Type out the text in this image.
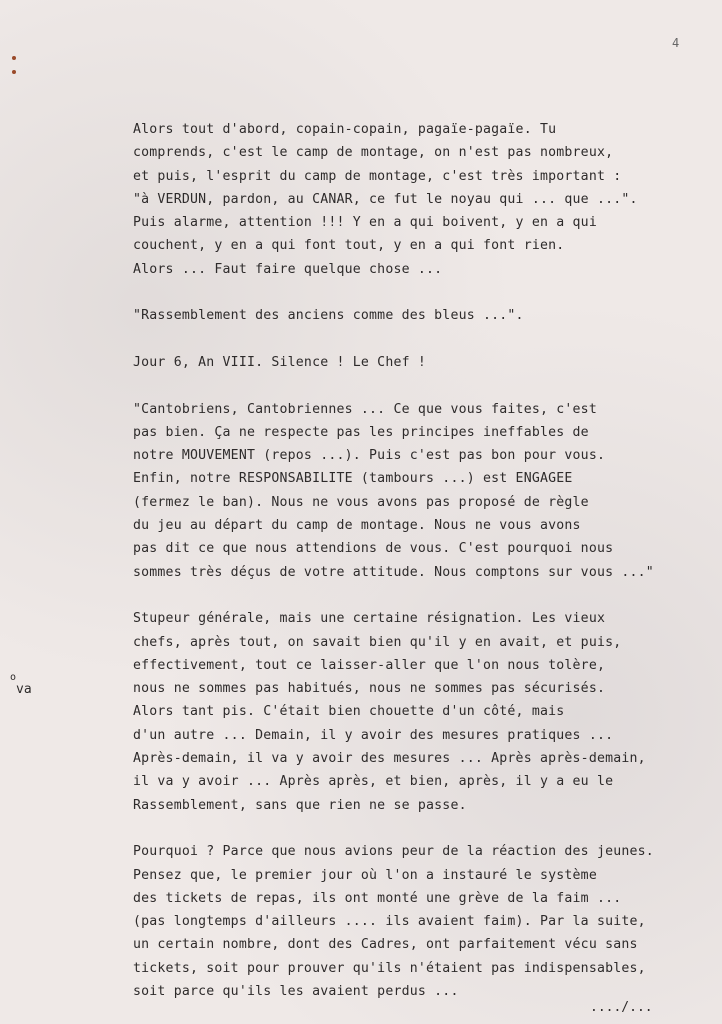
4
o
va
Alors tout d'abord, copain-copain, pagaïe-pagaïe. Tu
comprends, c'est le camp de montage, on n'est pas nombreux,
et puis, l'esprit du camp de montage, c'est très important :
"à VERDUN, pardon, au CANAR, ce fut le noyau qui ... que ...".
Puis alarme, attention !!! Y en a qui boivent, y en a qui
couchent, y en a qui font tout, y en a qui font rien.
Alors ... Faut faire quelque chose ...
"Rassemblement des anciens comme des bleus ...".
Jour 6, An VIII. Silence ! Le Chef !
"Cantobriens, Cantobriennes ... Ce que vous faites, c'est
pas bien. Ça ne respecte pas les principes ineffables de
notre MOUVEMENT (repos ...). Puis c'est pas bon pour vous.
Enfin, notre RESPONSABILITE (tambours ...) est ENGAGEE
(fermez le ban). Nous ne vous avons pas proposé de règle
du jeu au départ du camp de montage. Nous ne vous avons
pas dit ce que nous attendions de vous. C'est pourquoi nous
sommes très déçus de votre attitude. Nous comptons sur vous ..."
Stupeur générale, mais une certaine résignation. Les vieux
chefs, après tout, on savait bien qu'il y en avait, et puis,
effectivement, tout ce laisser-aller que l'on nous tolère,
nous ne sommes pas habitués, nous ne sommes pas sécurisés.
Alors tant pis. C'était bien chouette d'un côté, mais
d'un autre ... Demain, il y avoir des mesures pratiques ...
Après-demain, il va y avoir des mesures ... Après après-demain,
il va y avoir ... Après après, et bien, après, il y a eu le
Rassemblement, sans que rien ne se passe.
Pourquoi ? Parce que nous avions peur de la réaction des jeunes.
Pensez que, le premier jour où l'on a instauré le système
des tickets de repas, ils ont monté une grève de la faim ...
(pas longtemps d'ailleurs .... ils avaient faim). Par la suite,
un certain nombre, dont des Cadres, ont parfaitement vécu sans
tickets, soit pour prouver qu'ils n'étaient pas indispensables,
soit parce qu'ils les avaient perdus ...
..../...
